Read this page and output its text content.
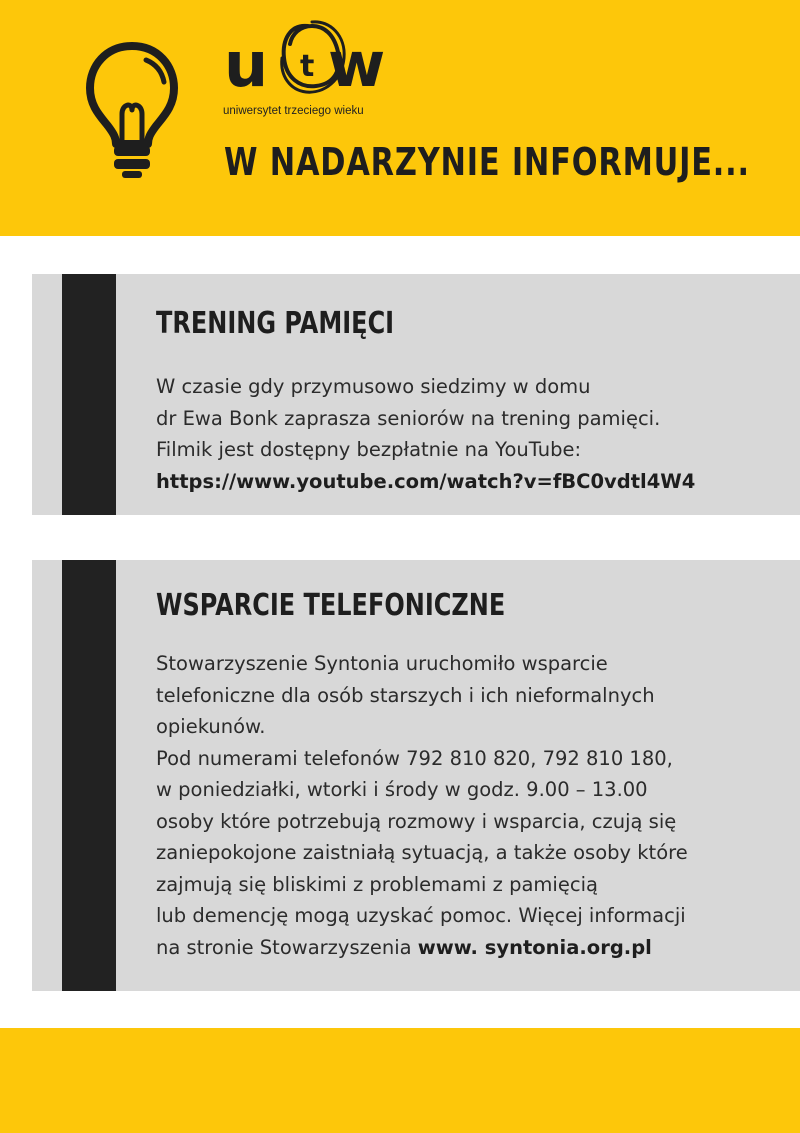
u t w
uniwersytet trzeciego wieku
W NADARZYNIE INFORMUJE...
TRENING PAMIĘCI
W czasie gdy przymusowo siedzimy w domu
dr Ewa Bonk zaprasza seniorów na trening pamięci.
Filmik jest dostępny bezpłatnie na YouTube:
https://www.youtube.com/watch?v=fBC0vdtl4W4
WSPARCIE TELEFONICZNE
Stowarzyszenie Syntonia uruchomiło wsparcie
telefoniczne dla osób starszych i ich nieformalnych
opiekunów.
Pod numerami telefonów 792 810 820, 792 810 180,
w poniedziałki, wtorki i środy w godz. 9.00 – 13.00
osoby które potrzebują rozmowy i wsparcia, czują się
zaniepokojone zaistniałą sytuacją, a także osoby które
zajmują się bliskimi z problemami z pamięcią
lub demencję mogą uzyskać pomoc. Więcej informacji
na stronie Stowarzyszenia www. syntonia.org.pl
